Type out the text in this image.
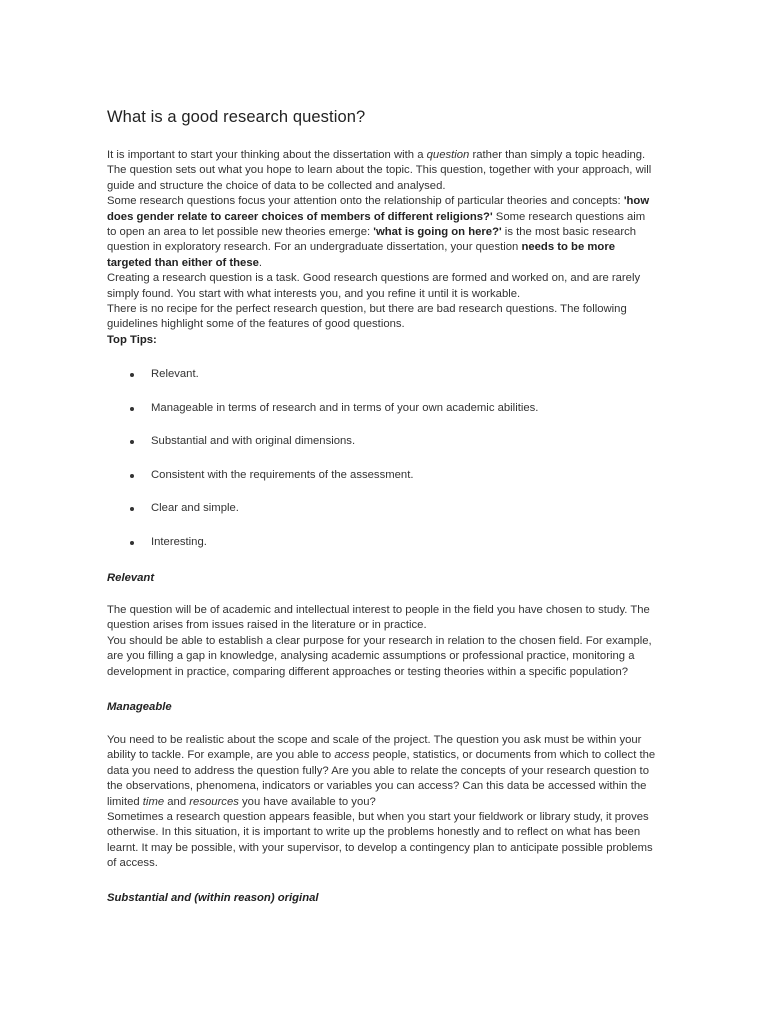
What is a good research question?

It is important to start your thinking about the dissertation with a question rather than simply a topic heading. The question sets out what you hope to learn about the topic. This question, together with your approach, will guide and structure the choice of data to be collected and analysed.

Some research questions focus your attention onto the relationship of particular theories and concepts: 'how does gender relate to career choices of members of different religions?' Some research questions aim to open an area to let possible new theories emerge: 'what is going on here?' is the most basic research question in exploratory research. For an undergraduate dissertation, your question needs to be more targeted than either of these.

Creating a research question is a task. Good research questions are formed and worked on, and are rarely simply found. You start with what interests you, and you refine it until it is workable.

There is no recipe for the perfect research question, but there are bad research questions. The following guidelines highlight some of the features of good questions.

Top Tips:

Relevant.
Manageable in terms of research and in terms of your own academic abilities.
Substantial and with original dimensions.
Consistent with the requirements of the assessment.
Clear and simple.
Interesting.
Relevant

The question will be of academic and intellectual interest to people in the field you have chosen to study. The question arises from issues raised in the literature or in practice.

You should be able to establish a clear purpose for your research in relation to the chosen field. For example, are you filling a gap in knowledge, analysing academic assumptions or professional practice, monitoring a development in practice, comparing different approaches or testing theories within a specific population?

Manageable

You need to be realistic about the scope and scale of the project. The question you ask must be within your ability to tackle. For example, are you able to access people, statistics, or documents from which to collect the data you need to address the question fully? Are you able to relate the concepts of your research question to the observations, phenomena, indicators or variables you can access? Can this data be accessed within the limited time and resources you have available to you?

Sometimes a research question appears feasible, but when you start your fieldwork or library study, it proves otherwise. In this situation, it is important to write up the problems honestly and to reflect on what has been learnt. It may be possible, with your supervisor, to develop a contingency plan to anticipate possible problems of access.

Substantial and (within reason) original
